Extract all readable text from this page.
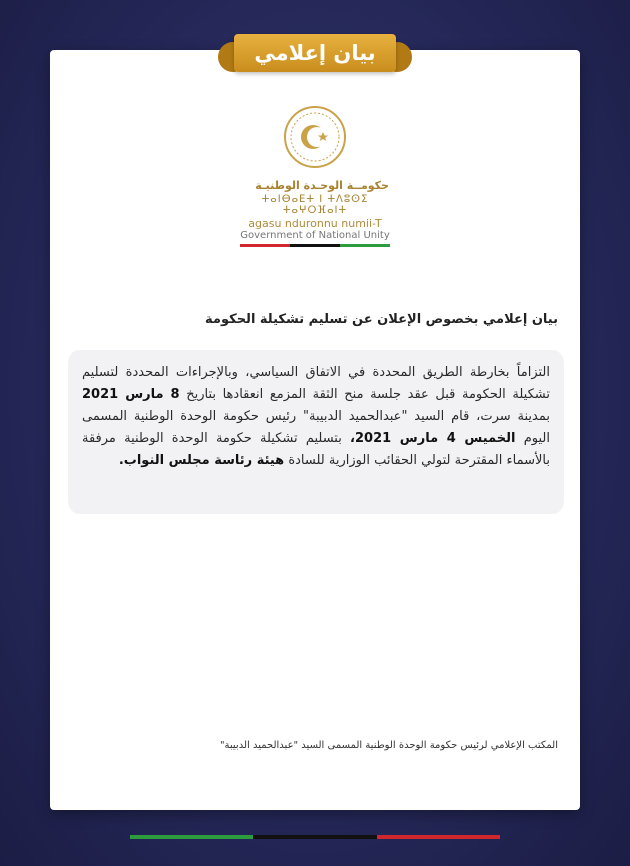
بيان إعلامي
حكومــة الوحـدة الوطنيـة
ⵜⴰⵏⴱⴰⴹⵜ ⵏ ⵜⴷⵓⵙⵉ ⵜⴰⵖⵔⴼⴰⵏⵜ
agasu nduronnu numii-T
Government of National Unity
بيان إعلامي بخصوص الإعلان عن تسليم تشكيلة الحكومة
التزاماً بخارطة الطريق المحددة في الاتفاق السياسي، وبالإجراءات المحددة لتسليم تشكيلة الحكومة قبل عقد جلسة منح الثقة المزمع انعقادها بتاريخ 8 مارس 2021 بمدينة سرت، قام السيد "عبدالحميد الدبيبة" رئيس حكومة الوحدة الوطنية المسمى اليوم الخميس 4 مارس 2021، بتسليم تشكيلة حكومة الوحدة الوطنية مرفقة بالأسماء المقترحة لتولي الحقائب الوزارية للسادة هيئة رئاسة مجلس النواب.
المكتب الإعلامي لرئيس حكومة الوحدة الوطنية المسمى السيد "عبدالحميد الدبيبة"
